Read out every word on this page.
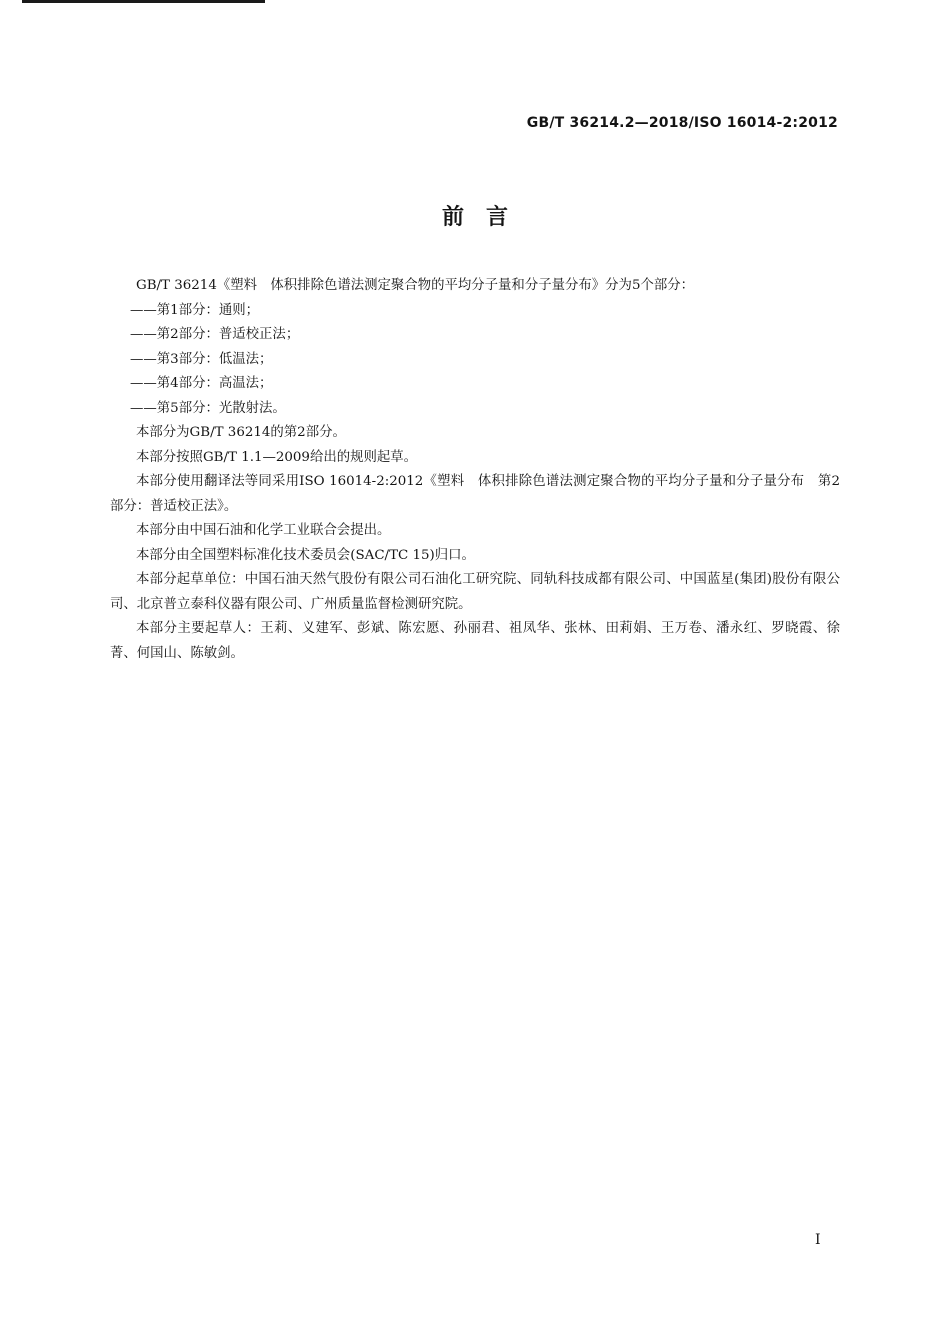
GB/T 36214.2—2018/ISO 16014-2:2012
前　言

GB/T 36214《塑料　体积排除色谱法测定聚合物的平均分子量和分子量分布》分为5个部分：

——第1部分：通则；

——第2部分：普适校正法；

——第3部分：低温法；

——第4部分：高温法；

——第5部分：光散射法。

本部分为GB/T 36214的第2部分。

本部分按照GB/T 1.1—2009给出的规则起草。

本部分使用翻译法等同采用ISO 16014-2:2012《塑料　体积排除色谱法测定聚合物的平均分子量和分子量分布　第2部分：普适校正法》。

本部分由中国石油和化学工业联合会提出。

本部分由全国塑料标准化技术委员会(SAC/TC 15)归口。

本部分起草单位：中国石油天然气股份有限公司石油化工研究院、同轨科技成都有限公司、中国蓝星(集团)股份有限公司、北京普立泰科仪器有限公司、广州质量监督检测研究院。

本部分主要起草人：王莉、义建军、彭斌、陈宏愿、孙丽君、祖凤华、张林、田莉娟、王万卷、潘永红、罗晓霞、徐菁、何国山、陈敏剑。

I
